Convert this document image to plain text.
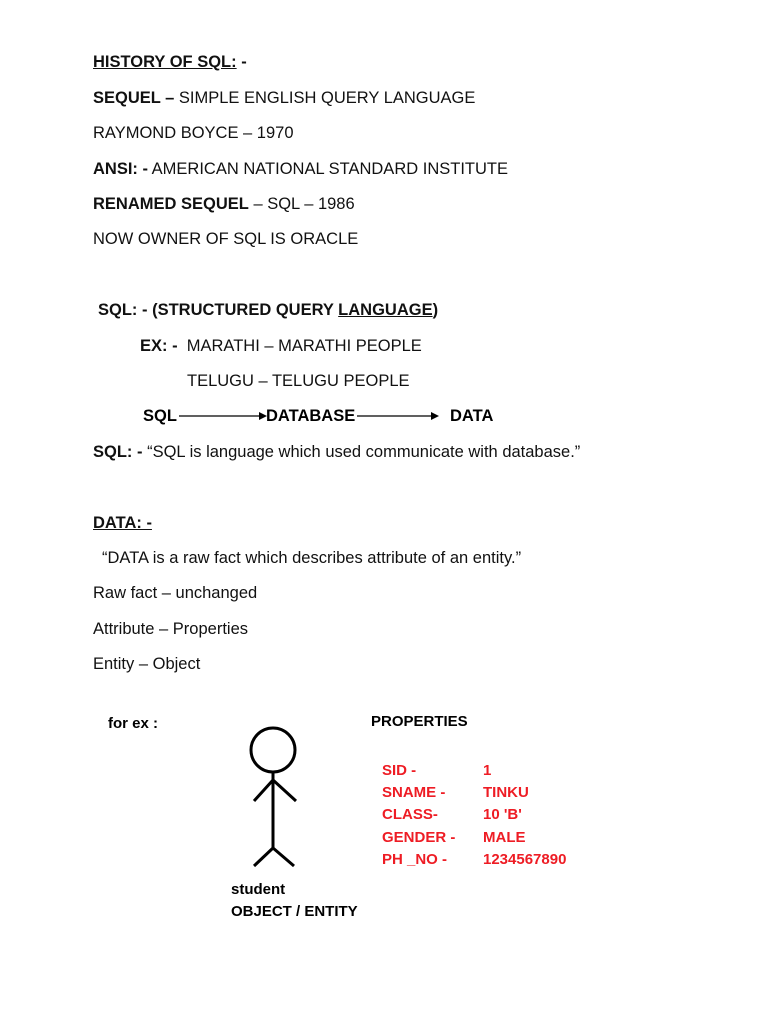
HISTORY OF SQL: -
SEQUEL – SIMPLE ENGLISH QUERY LANGUAGE
RAYMOND BOYCE – 1970
ANSI: - AMERICAN NATIONAL STANDARD INSTITUTE
RENAMED SEQUEL – SQL – 1986
NOW OWNER OF SQL IS ORACLE
SQL: - (STRUCTURED QUERY LANGUAGE)
EX: -  MARATHI – MARATHI PEOPLE
TELUGU – TELUGU PEOPLE
SQL	DATABASE	DATA
SQL: - “SQL is language which used communicate with database.”
DATA: -
“DATA is a raw fact which describes attribute of an entity.”
Raw fact – unchanged
Attribute – Properties
Entity – Object
for ex :
student
OBJECT / ENTITY
PROPERTIES
SID -	1
SNAME -	TINKU
CLASS-	10 'B'
GENDER - MALE
PH _NO - 1234567890
